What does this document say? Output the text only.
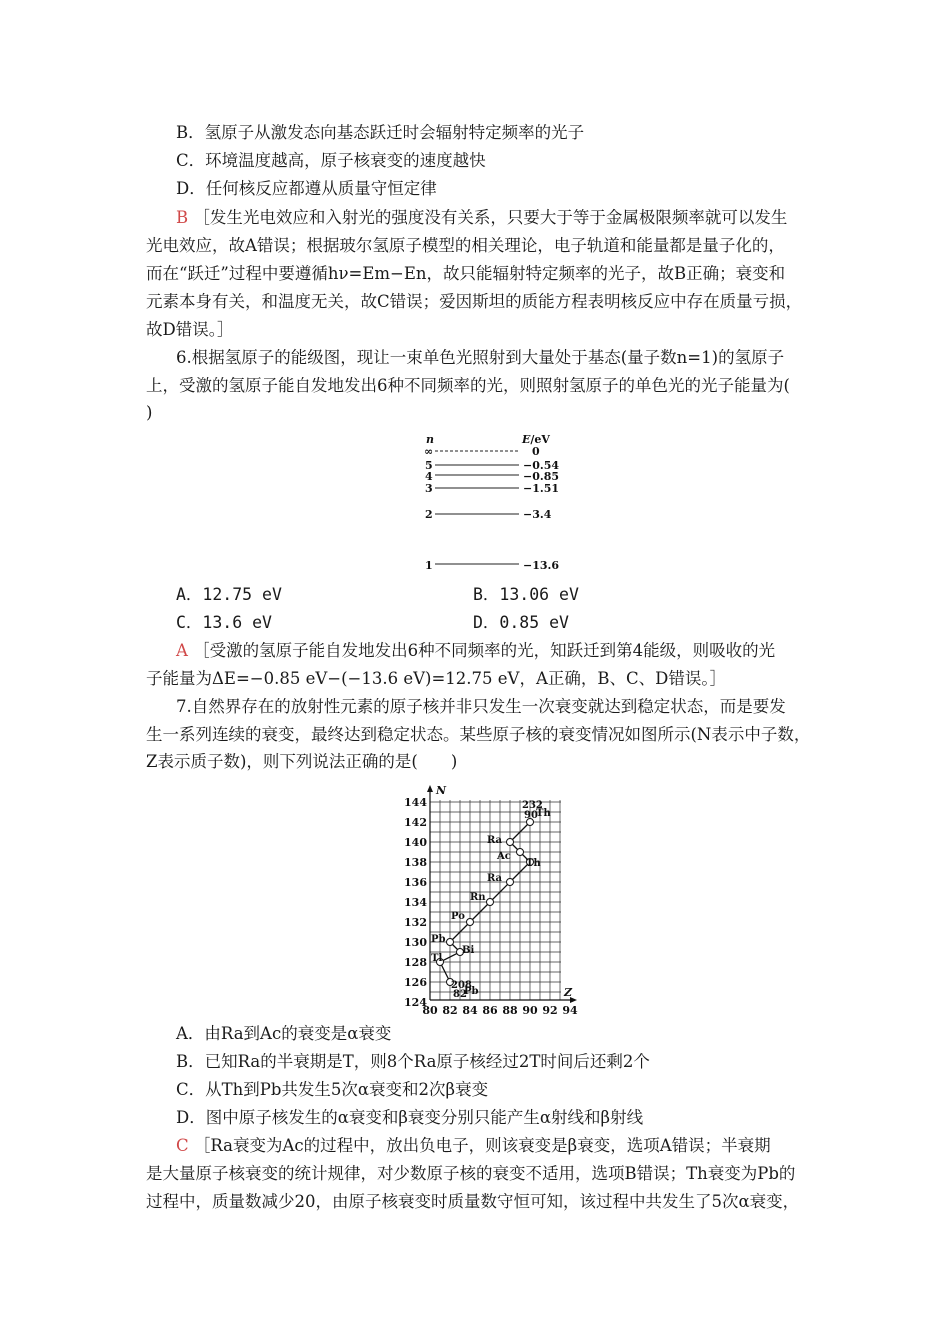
B．氢原子从激发态向基态跃迁时会辐射特定频率的光子
C．环境温度越高，原子核衰变的速度越快
D．任何核反应都遵从质量守恒定律
B ［发生光电效应和入射光的强度没有关系，只要大于等于金属极限频率就可以发生
光电效应，故A错误；根据玻尔氢原子模型的相关理论，电子轨道和能量都是量子化的，
而在“跃迁”过程中要遵循hν=Em−En，故只能辐射特定频率的光子，故B正确；衰变和
元素本身有关，和温度无关，故C错误；爱因斯坦的质能方程表明核反应中存在质量亏损，
故D错误。］
6.根据氢原子的能级图，现让一束单色光照射到大量处于基态(量子数n=1)的氢原子
上，受激的氢原子能自发地发出6种不同频率的光，则照射氢原子的单色光的光子能量为(
)
n	E/eV
∞	0
5	−0.54
4	−0.85
3	−1.51
2	−3.4
1	−13.6
A．12.75 eV	B．13.06 eV
C．13.6 eV	D．0.85 eV
A ［受激的氢原子能自发地发出6种不同频率的光，知跃迁到第4能级，则吸收的光
子能量为ΔE=−0.85 eV−(−13.6 eV)=12.75 eV，A正确，B、C、D错误。］
7.自然界存在的放射性元素的原子核并非只发生一次衰变就达到稳定状态，而是要发
生一系列连续的衰变，最终达到稳定状态。某些原子核的衰变情况如图所示(N表示中子数，
Z表示质子数)，则下列说法正确的是(　　)
N
Z
144
142
140
138
136
134
132
130
128
126
124
80 82 84 86 88 90 92 94
232
90
Th
Ra
Ac
Th
Ra
Rn
Po
Pb
Bi
Tl
208
82
Pb
A．由Ra到Ac的衰变是α衰变
B．已知Ra的半衰期是T，则8个Ra原子核经过2T时间后还剩2个
C．从Th到Pb共发生5次α衰变和2次β衰变
D．图中原子核发生的α衰变和β衰变分别只能产生α射线和β射线
C ［Ra衰变为Ac的过程中，放出负电子，则该衰变是β衰变，选项A错误；半衰期
是大量原子核衰变的统计规律，对少数原子核的衰变不适用，选项B错误；Th衰变为Pb的
过程中，质量数减少20，由原子核衰变时质量数守恒可知，该过程中共发生了5次α衰变，
